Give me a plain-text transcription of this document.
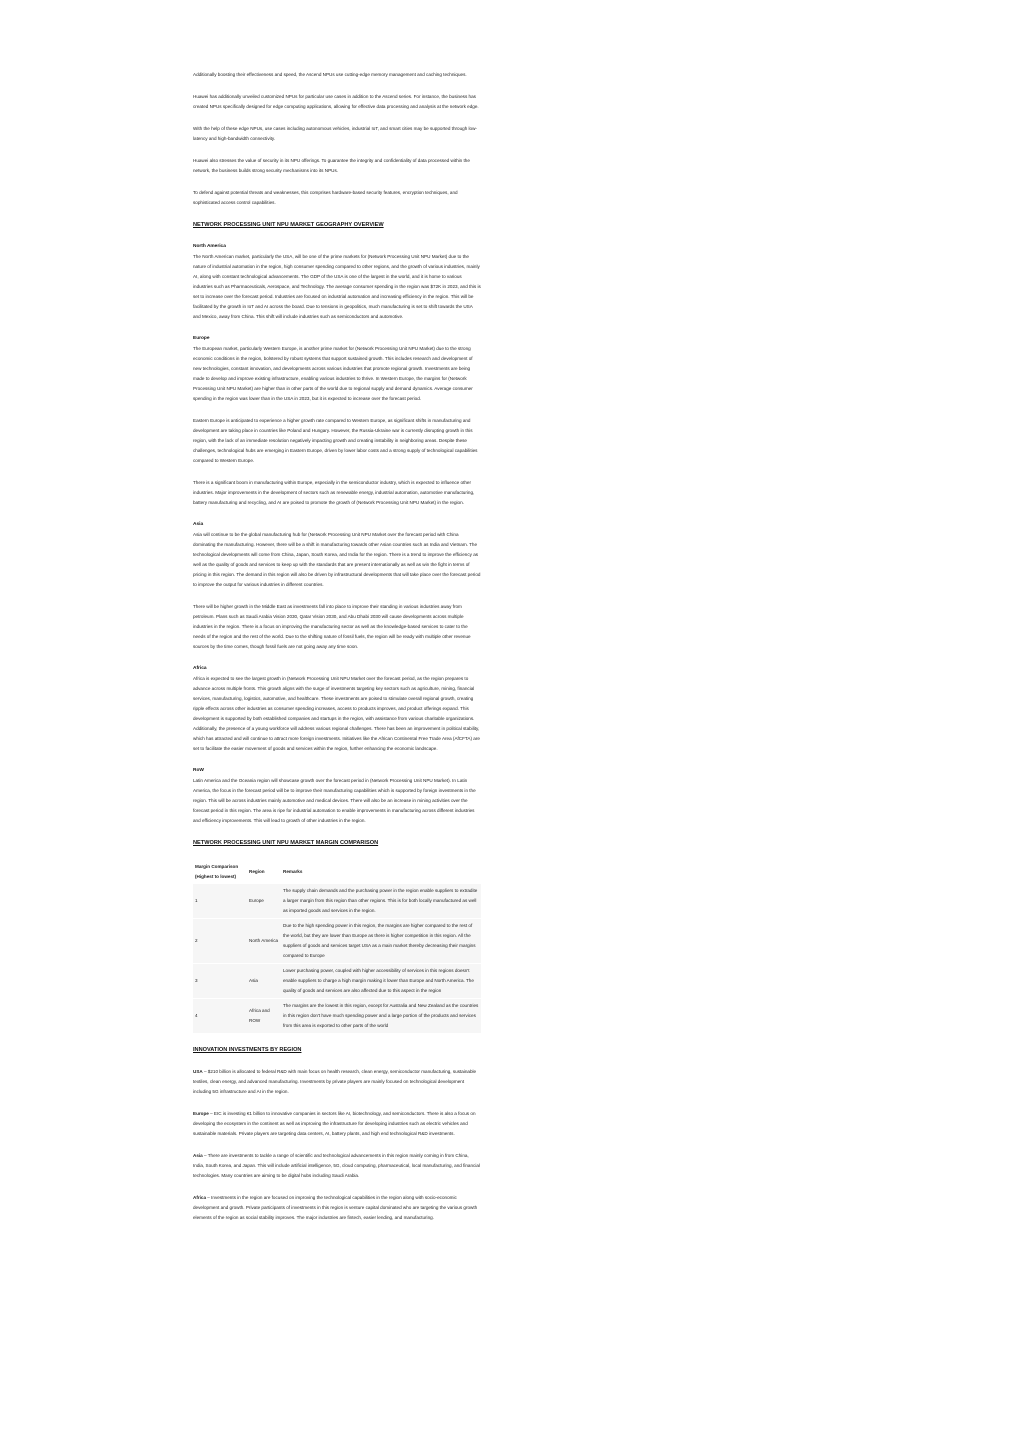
Additionally boosting their effectiveness and speed, the Ascend NPUs use cutting-edge memory management and caching techniques.

Huawei has additionally unveiled customized NPUs for particular use cases in addition to the Ascend series. For instance, the business has created NPUs specifically designed for edge computing applications, allowing for effective data processing and analysis at the network edge.

With the help of these edge NPUs, use cases including autonomous vehicles, industrial IoT, and smart cities may be supported through low-latency and high-bandwidth connectivity.

Huawei also stresses the value of security in its NPU offerings. To guarantee the integrity and confidentiality of data processed within the network, the business builds strong security mechanisms into its NPUs.

To defend against potential threats and weaknesses, this comprises hardware-based security features, encryption techniques, and sophisticated access control capabilities.

NETWORK PROCESSING UNIT NPU MARKET GEOGRAPHY OVERVIEW

North America

The North American market, particularly the USA, will be one of the prime markets for (Network Processing Unit NPU Market) due to the nature of industrial automation in the region, high consumer spending compared to other regions, and the growth of various industries, mainly AI, along with constant technological advancements. The GDP of the USA is one of the largest in the world, and it is home to various industries such as Pharmaceuticals, Aerospace, and Technology. The average consumer spending in the region was $72K in 2023, and this is set to increase over the forecast period. Industries are focused on industrial automation and increasing efficiency in the region. This will be facilitated by the growth in IoT and AI across the board. Due to tensions in geopolitics, much manufacturing is set to shift towards the USA and Mexico, away from China. This shift will include industries such as semiconductors and automotive.

Europe

The European market, particularly Western Europe, is another prime market for (Network Processing Unit NPU Market) due to the strong economic conditions in the region, bolstered by robust systems that support sustained growth. This includes research and development of new technologies, constant innovation, and developments across various industries that promote regional growth. Investments are being made to develop and improve existing infrastructure, enabling various industries to thrive. In Western Europe, the margins for (Network Processing Unit NPU Market) are higher than in other parts of the world due to regional supply and demand dynamics. Average consumer spending in the region was lower than in the USA in 2023, but it is expected to increase over the forecast period.

Eastern Europe is anticipated to experience a higher growth rate compared to Western Europe, as significant shifts in manufacturing and development are taking place in countries like Poland and Hungary. However, the Russia-Ukraine war is currently disrupting growth in this region, with the lack of an immediate resolution negatively impacting growth and creating instability in neighboring areas. Despite these challenges, technological hubs are emerging in Eastern Europe, driven by lower labor costs and a strong supply of technological capabilities compared to Western Europe.

There is a significant boom in manufacturing within Europe, especially in the semiconductor industry, which is expected to influence other industries. Major improvements in the development of sectors such as renewable energy, industrial automation, automotive manufacturing, battery manufacturing and recycling, and AI are poised to promote the growth of (Network Processing Unit NPU Market) in the region.

Asia

Asia will continue to be the global manufacturing hub for (Network Processing Unit NPU Market over the forecast period with China dominating the manufacturing. However, there will be a shift in manufacturing towards other Asian countries such as India and Vietnam. The technological developments will come from China, Japan, South Korea, and India for the region. There is a trend to improve the efficiency as well as the quality of goods and services to keep up with the standards that are present internationally as well as win the fight in terms of pricing in this region. The demand in this region will also be driven by infrastructural developments that will take place over the forecast period to improve the output for various industries in different countries.

There will be higher growth in the Middle East as investments fall into place to improve their standing in various industries away from petroleum. Plans such as Saudi Arabia Vision 2030, Qatar Vision 2030, and Abu Dhabi 2030 will cause developments across multiple industries in the region. There is a focus on improving the manufacturing sector as well as the knowledge-based services to cater to the needs of the region and the rest of the world. Due to the shifting nature of fossil fuels, the region will be ready with multiple other revenue sources by the time comes, though fossil fuels are not going away any time soon.

Africa

Africa is expected to see the largest growth in (Network Processing Unit NPU Market over the forecast period, as the region prepares to advance across multiple fronts. This growth aligns with the surge of investments targeting key sectors such as agriculture, mining, financial services, manufacturing, logistics, automotive, and healthcare. These investments are poised to stimulate overall regional growth, creating ripple effects across other industries as consumer spending increases, access to products improves, and product offerings expand. This development is supported by both established companies and startups in the region, with assistance from various charitable organizations. Additionally, the presence of a young workforce will address various regional challenges. There has been an improvement in political stability, which has attracted and will continue to attract more foreign investments. Initiatives like the African Continental Free Trade Area (AfCFTA) are set to facilitate the easier movement of goods and services within the region, further enhancing the economic landscape.

RoW

Latin America and the Oceania region will showcase growth over the forecast period in (Network Processing Unit NPU Market). In Latin America, the focus in the forecast period will be to improve their manufacturing capabilities which is supported by foreign investments in the region. This will be across industries mainly automotive and medical devices. There will also be an increase in mining activities over the forecast period in this region. The area is ripe for industrial automation to enable improvements in manufacturing across different industries and efficiency improvements. This will lead to growth of other industries in the region.

NETWORK PROCESSING UNIT NPU MARKET MARGIN COMPARISON

Margin Comparison (Highest to lowest)	Region	Remarks
1	Europe	The supply chain demands and the purchasing power in the region enable suppliers to extradite a larger margin from this region than other regions. This is for both locally manufactured as well as imported goods and services in the region.
2	North America	Due to the high spending power in this region, the margins are higher compared to the rest of the world, but they are lower than Europe as there is higher competition in this region. All the suppliers of goods and services target USA as a main market thereby decreasing their margins compared to Europe
3	Asia	Lower purchasing power, coupled with higher accessibility of services in this regions doesn't enable suppliers to charge a high margin making it lower than Europe and North America. The quality of goods and services are also affected due to this aspect in the region
4	Africa and ROW	The margins are the lowest in this region, except for Australia and New Zealand as the countries in this region don't have much spending power and a large portion of the products and services from this area is exported to other parts of the world

INNOVATION INVESTMENTS BY REGION

USA – $210 billion is allocated to federal R&D with main focus on health research, clean energy, semiconductor manufacturing, sustainable textiles, clean energy, and advanced manufacturing. Investments by private players are mainly focused on technological development including 5G infrastructure and AI in the region.

Europe – EIC is investing €1 billion to innovative companies in sectors like AI, biotechnology, and semiconductors. There is also a focus on developing the ecosystem in the continent as well as improving the infrastructure for developing industries such as electric vehicles and sustainable materials. Private players are targeting data centers, AI, battery plants, and high end technological R&D investments.

Asia – There are investments to tackle a range of scientific and technological advancements in this region mainly coming in from China, India, South Korea, and Japan. This will include artificial intelligence, 5G, cloud computing, pharmaceutical, local manufacturing, and financial technologies. Many countries are aiming to be digital hubs including Saudi Arabia.

Africa – Investments in the region are focused on improving the technological capabilities in the region along with socio-economic development and growth. Private participants of investments in this region is venture capital dominated who are targeting the various growth elements of the region as social stability improves. The major industries are fintech, easier lending, and manufacturing.
